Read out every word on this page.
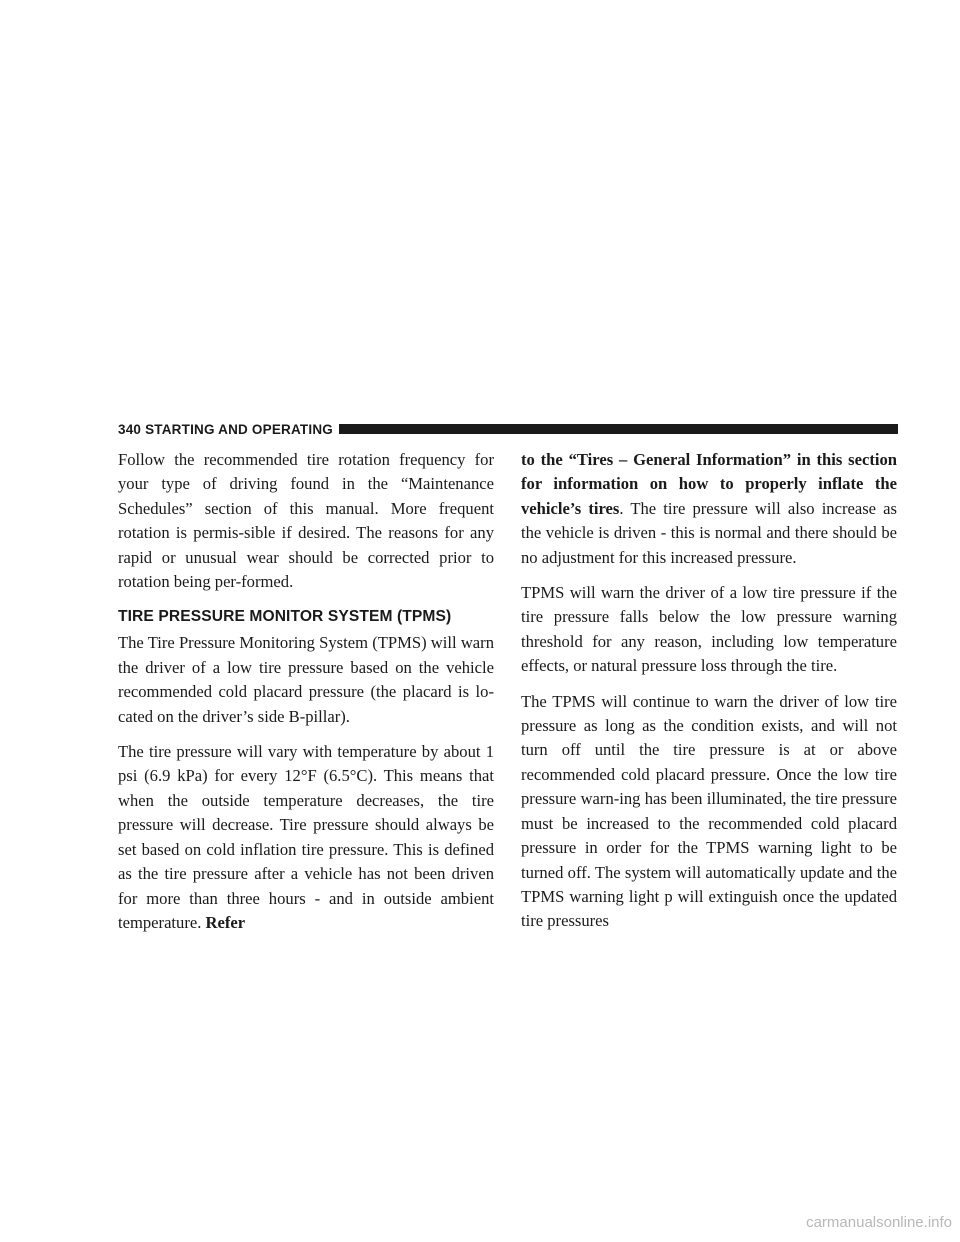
340 STARTING AND OPERATING

Follow the recommended tire rotation frequency for your type of driving found in the “Maintenance Schedules” section of this manual. More frequent rotation is permis-sible if desired. The reasons for any rapid or unusual wear should be corrected prior to rotation being per-formed.

TIRE PRESSURE MONITOR SYSTEM (TPMS)

The Tire Pressure Monitoring System (TPMS) will warn the driver of a low tire pressure based on the vehicle recommended cold placard pressure (the placard is lo-cated on the driver’s side B-pillar).

The tire pressure will vary with temperature by about 1 psi (6.9 kPa) for every 12°F (6.5°C). This means that when the outside temperature decreases, the tire pressure will decrease. Tire pressure should always be set based on cold inflation tire pressure. This is defined as the tire pressure after a vehicle has not been driven for more than three hours - and in outside ambient temperature. Refer

to the “Tires – General Information” in this section for information on how to properly inflate the vehicle’s tires. The tire pressure will also increase as the vehicle is driven - this is normal and there should be no adjustment for this increased pressure.

TPMS will warn the driver of a low tire pressure if the tire pressure falls below the low pressure warning threshold for any reason, including low temperature effects, or natural pressure loss through the tire.

The TPMS will continue to warn the driver of low tire pressure as long as the condition exists, and will not turn off until the tire pressure is at or above recommended cold placard pressure. Once the low tire pressure warn-ing has been illuminated, the tire pressure must be increased to the recommended cold placard pressure in order for the TPMS warning light to be turned off. The system will automatically update and the TPMS warning light p will extinguish once the updated tire pressures

carmanualsonline.info
